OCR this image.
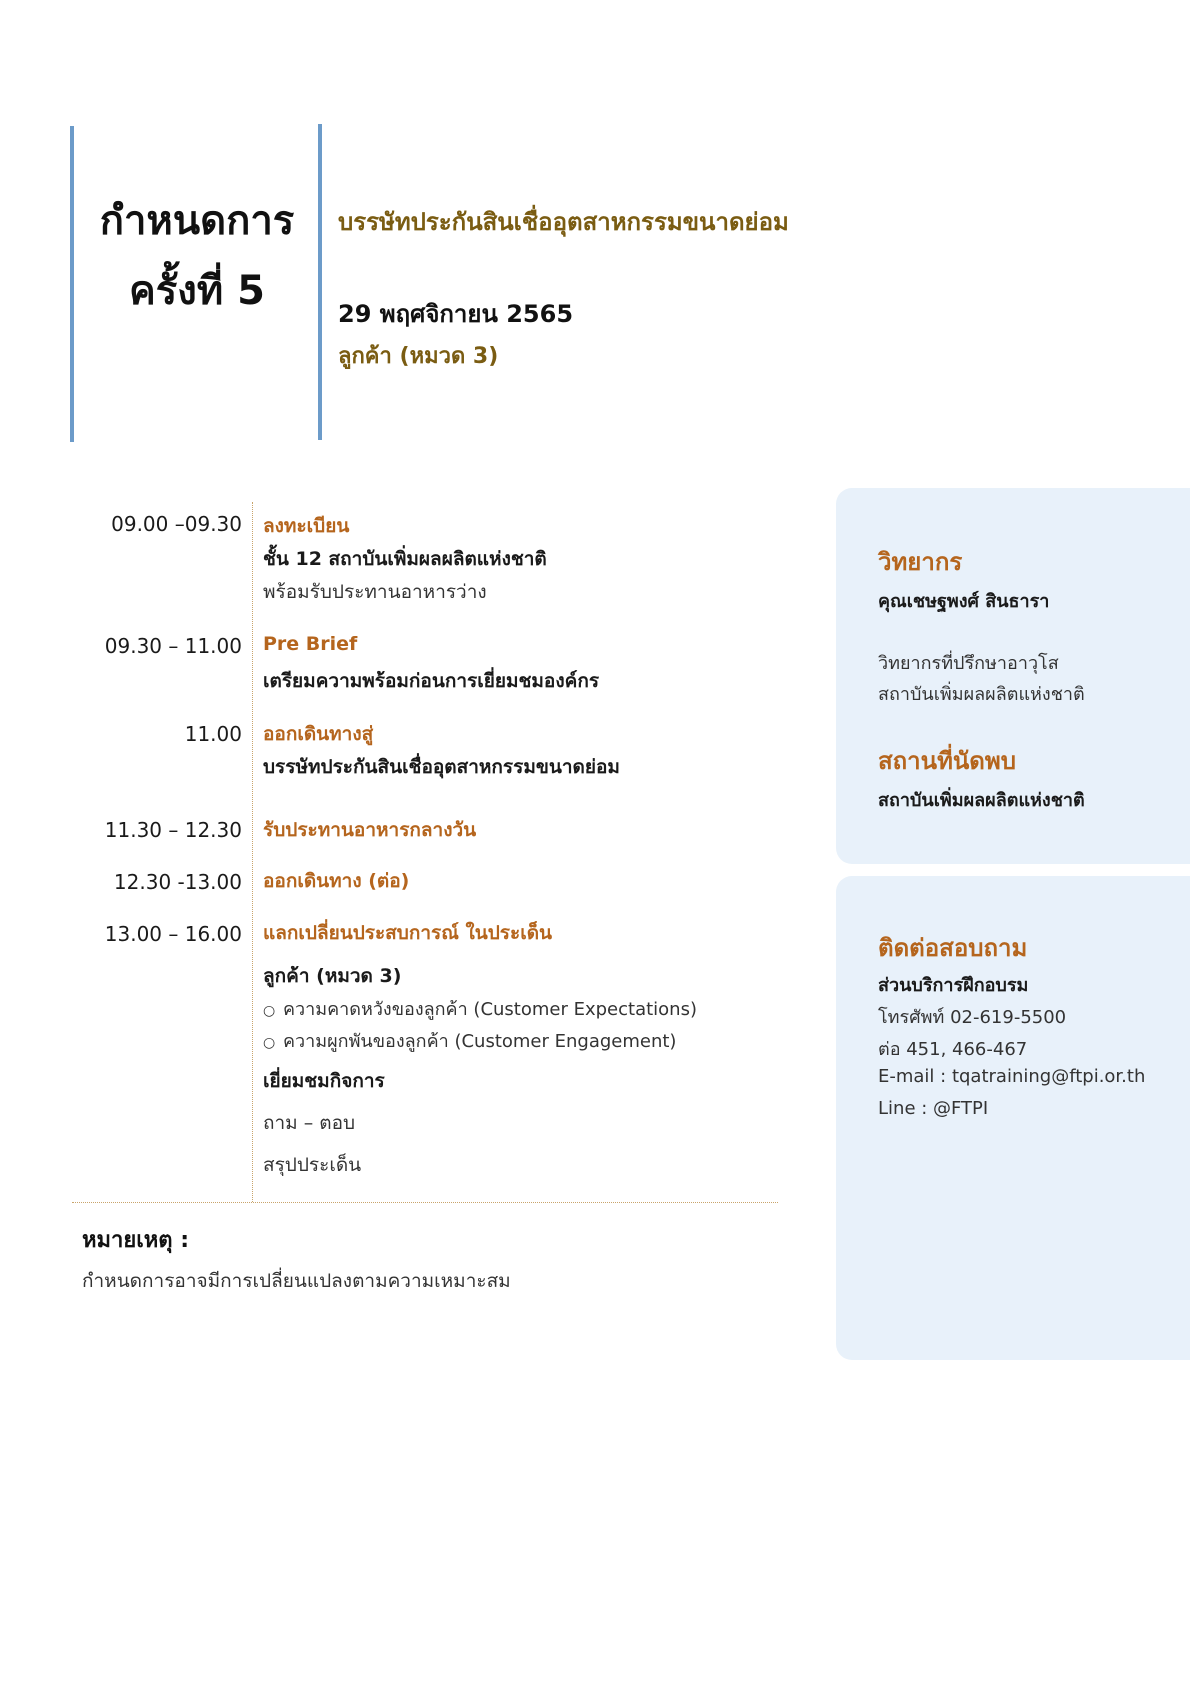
กำหนดการ
ครั้งที่ 5
บรรษัทประกันสินเชื่ออุตสาหกรรมขนาดย่อม
29 พฤศจิกายน 2565
ลูกค้า (หมวด 3)
09.00 –09.30 ลงทะเบียน
ชั้น 12 สถาบันเพิ่มผลผลิตแห่งชาติ
พร้อมรับประทานอาหารว่าง
09.30 – 11.00 Pre Brief
เตรียมความพร้อมก่อนการเยี่ยมชมองค์กร
11.00 ออกเดินทางสู่
บรรษัทประกันสินเชื่ออุตสาหกรรมขนาดย่อม
11.30 – 12.30 รับประทานอาหารกลางวัน
12.30 -13.00 ออกเดินทาง (ต่อ)
13.00 – 16.00 แลกเปลี่ยนประสบการณ์ ในประเด็น
ลูกค้า (หมวด 3)
○ ความคาดหวังของลูกค้า (Customer Expectations)
○ ความผูกพันของลูกค้า (Customer Engagement)
เยี่ยมชมกิจการ
ถาม – ตอบ
สรุปประเด็น
หมายเหตุ :
กำหนดการอาจมีการเปลี่ยนแปลงตามความเหมาะสม
วิทยากร
คุณเชษฐพงศ์ สินธารา
วิทยากรที่ปรึกษาอาวุโส
สถาบันเพิ่มผลผลิตแห่งชาติ
สถานที่นัดพบ
สถาบันเพิ่มผลผลิตแห่งชาติ
ติดต่อสอบถาม
ส่วนบริการฝึกอบรม
โทรศัพท์ 02-619-5500
ต่อ 451, 466-467
E-mail : tqatraining@ftpi.or.th
Line : @FTPI
